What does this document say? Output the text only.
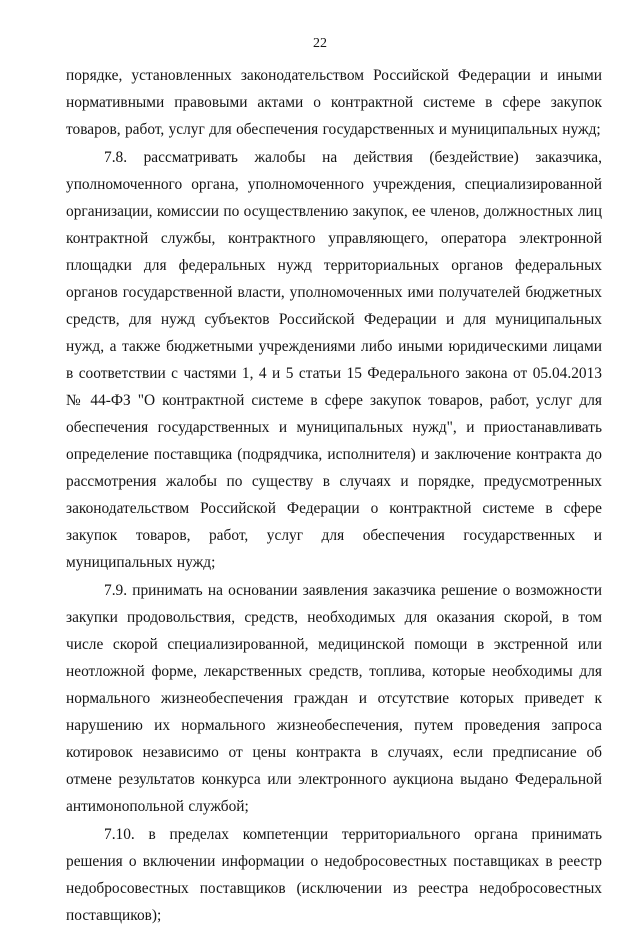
22

порядке, установленных законодательством Российской Федерации и иными нормативными правовыми актами о контрактной системе в сфере закупок товаров, работ, услуг для обеспечения государственных и муниципальных нужд;

7.8. рассматривать жалобы на действия (бездействие) заказчика, уполномоченного органа, уполномоченного учреждения, специализированной организации, комиссии по осуществлению закупок, ее членов, должностных лиц контрактной службы, контрактного управляющего, оператора электронной площадки для федеральных нужд территориальных органов федеральных органов государственной власти, уполномоченных ими получателей бюджетных средств, для нужд субъектов Российской Федерации и для муниципальных нужд, а также бюджетными учреждениями либо иными юридическими лицами в соответствии с частями 1, 4 и 5 статьи 15 Федерального закона от 05.04.2013 № 44-ФЗ "О контрактной системе в сфере закупок товаров, работ, услуг для обеспечения государственных и муниципальных нужд", и приостанавливать определение поставщика (подрядчика, исполнителя) и заключение контракта до рассмотрения жалобы по существу в случаях и порядке, предусмотренных законодательством Российской Федерации о контрактной системе в сфере закупок товаров, работ, услуг для обеспечения государственных и муниципальных нужд;

7.9. принимать на основании заявления заказчика решение о возможности закупки продовольствия, средств, необходимых для оказания скорой, в том числе скорой специализированной, медицинской помощи в экстренной или неотложной форме, лекарственных средств, топлива, которые необходимы для нормального жизнеобеспечения граждан и отсутствие которых приведет к нарушению их нормального жизнеобеспечения, путем проведения запроса котировок независимо от цены контракта в случаях, если предписание об отмене результатов конкурса или электронного аукциона выдано Федеральной антимонопольной службой;

7.10. в пределах компетенции территориального органа принимать решения о включении информации о недобросовестных поставщиках в реестр недобросовестных поставщиков (исключении из реестра недобросовестных поставщиков);
